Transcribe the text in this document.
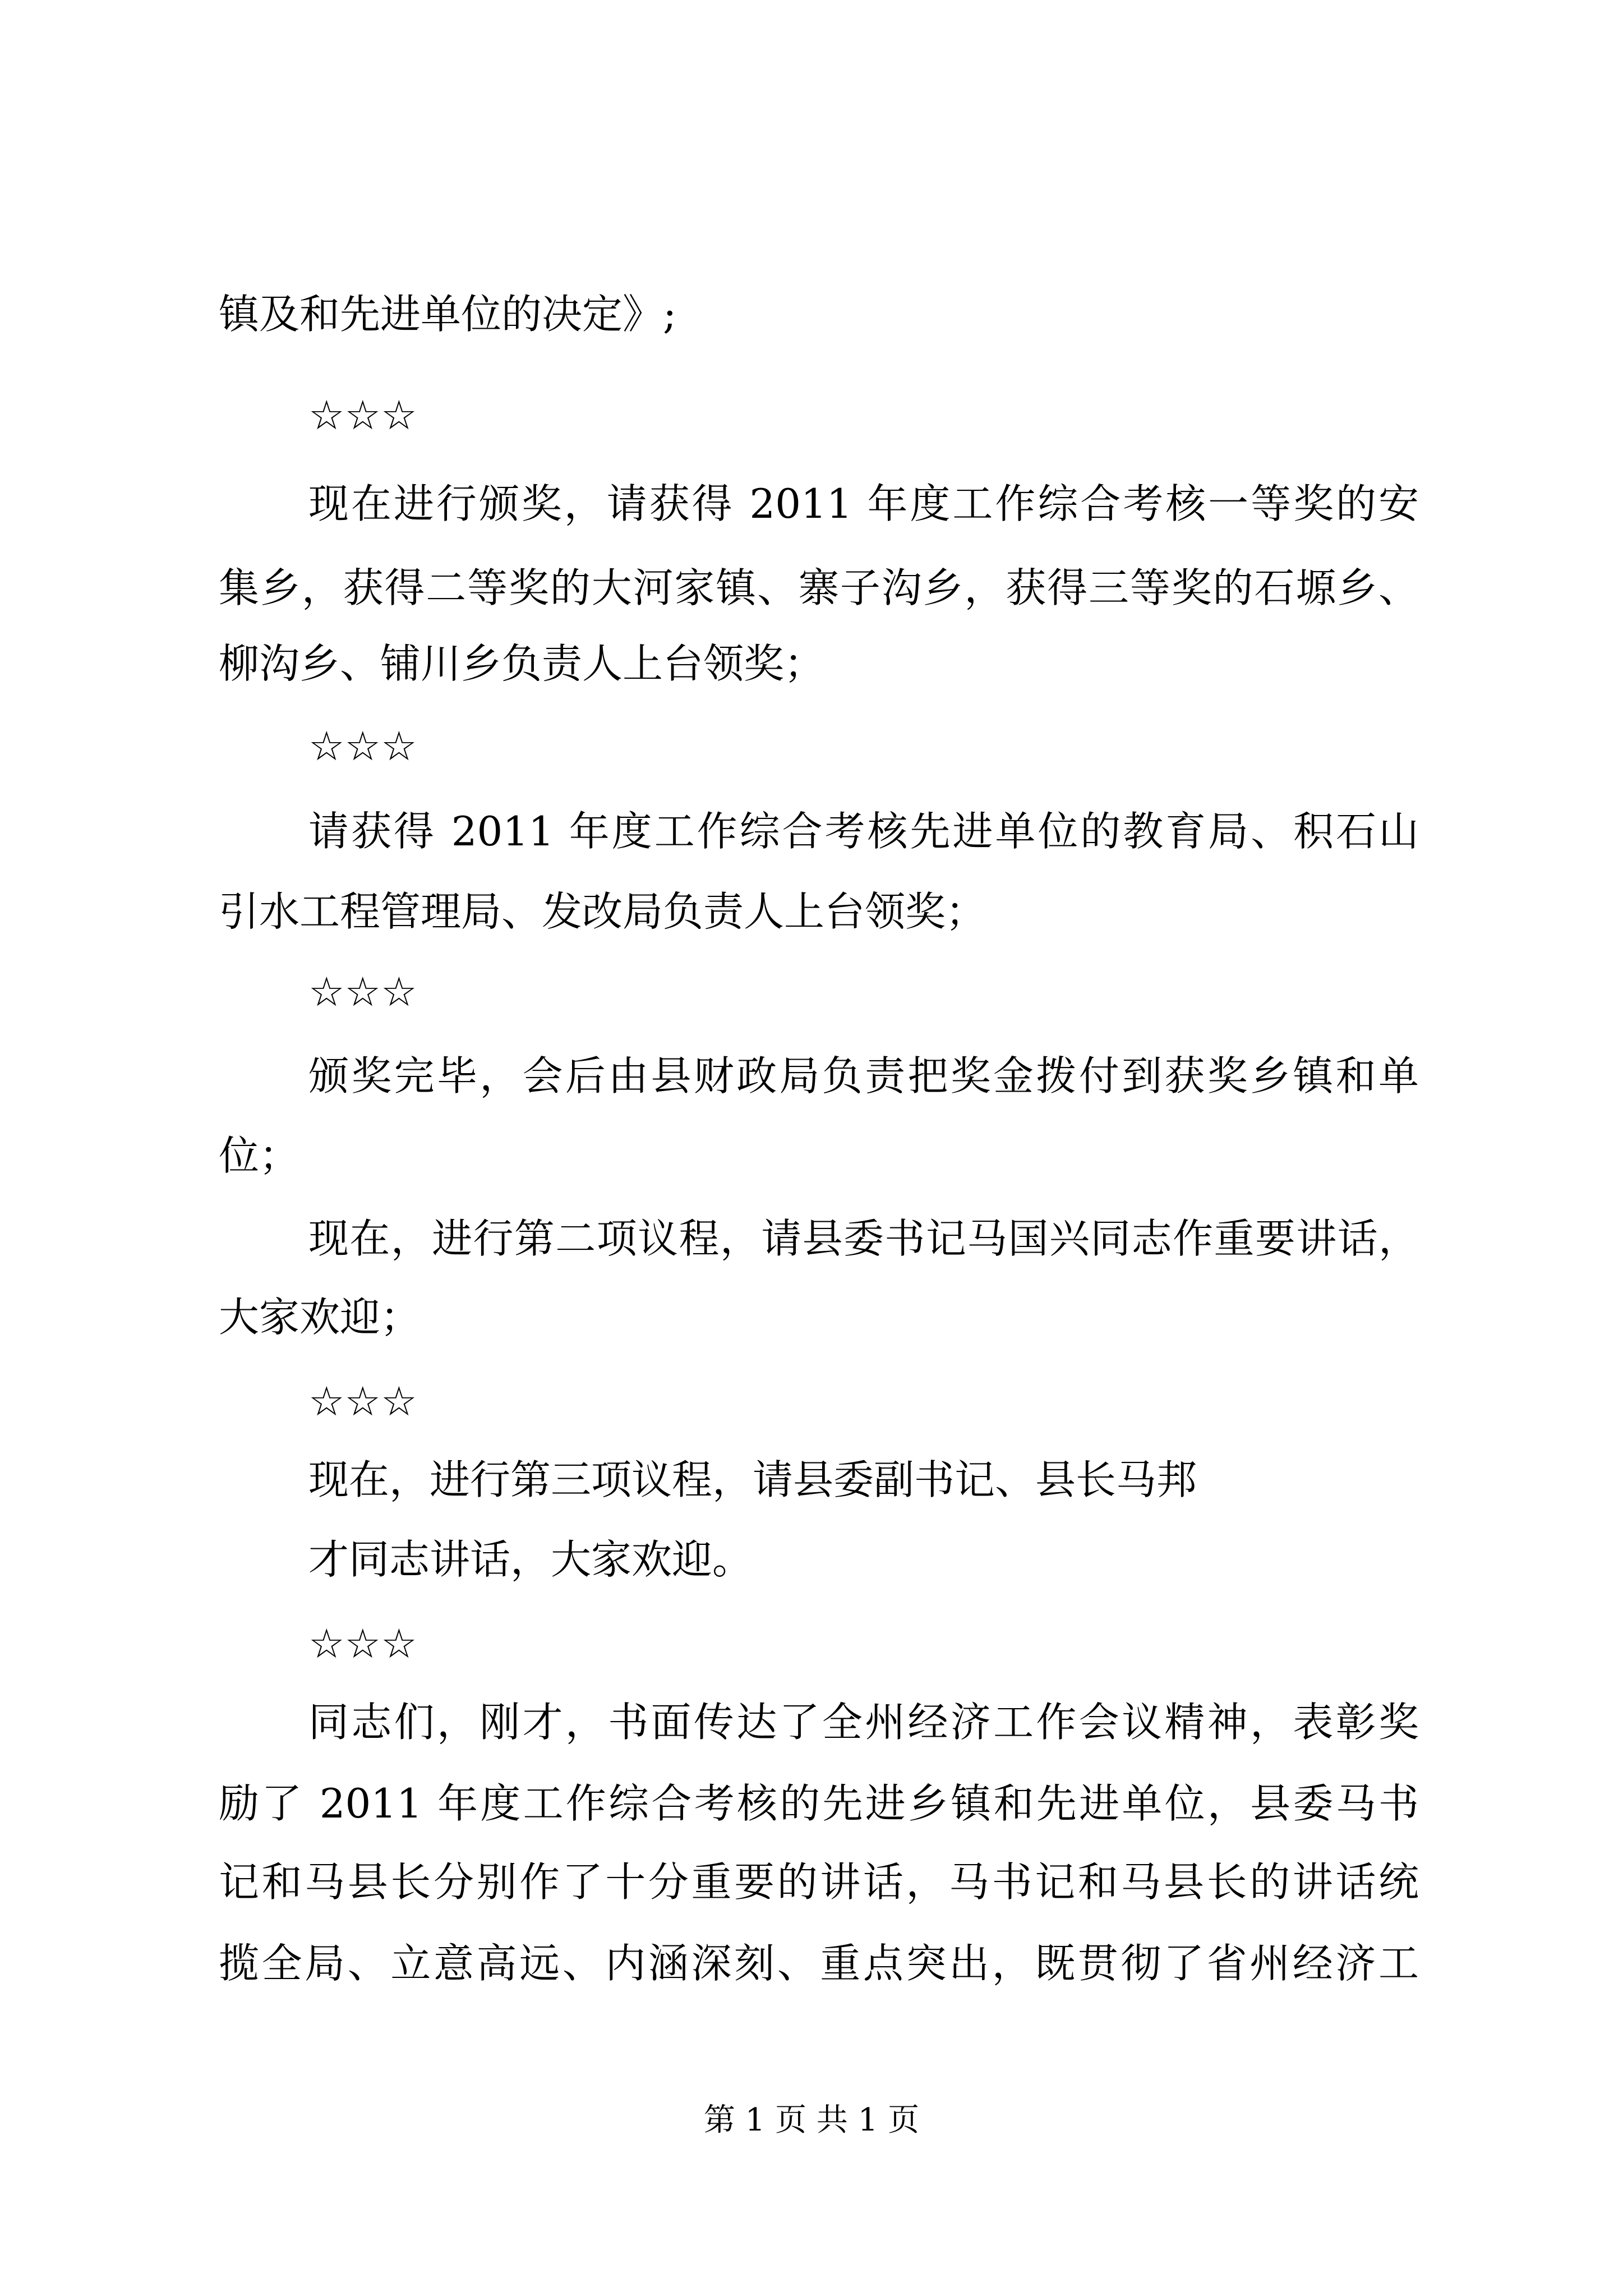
镇及和先进单位的决定》;
☆☆☆
现在进行颁奖，请获得 2011 年度工作综合考核一等奖的安
集乡，获得二等奖的大河家镇、寨子沟乡，获得三等奖的石塬乡、
柳沟乡、铺川乡负责人上台领奖；
☆☆☆
请获得 2011 年度工作综合考核先进单位的教育局、积石山
引水工程管理局、发改局负责人上台领奖；
☆☆☆
颁奖完毕，会后由县财政局负责把奖金拨付到获奖乡镇和单
位；
现在，进行第二项议程，请县委书记马国兴同志作重要讲话，
大家欢迎；
☆☆☆
现在，进行第三项议程，请县委副书记、县长马邦
才同志讲话，大家欢迎。
☆☆☆
同志们，刚才，书面传达了全州经济工作会议精神，表彰奖
励了 2011 年度工作综合考核的先进乡镇和先进单位，县委马书
记和马县长分别作了十分重要的讲话，马书记和马县长的讲话统
揽全局、立意高远、内涵深刻、重点突出，既贯彻了省州经济工
第 1 页 共 1 页
